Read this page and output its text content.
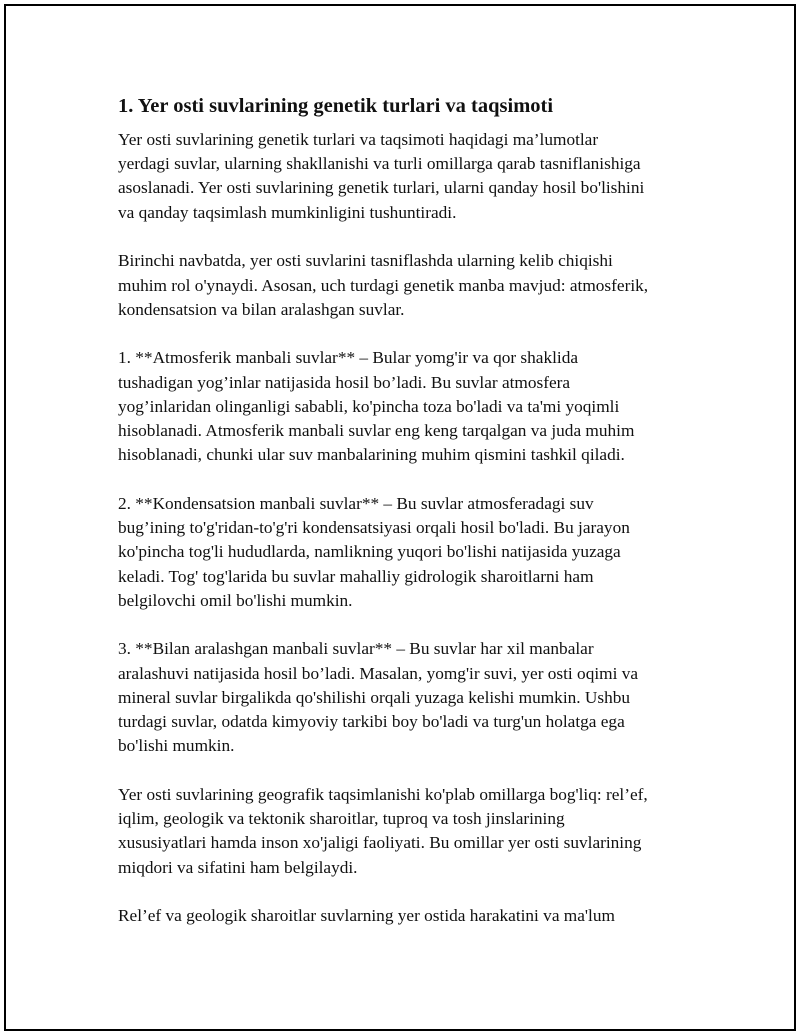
1. Yer osti suvlarining genetik turlari va taqsimoti

Yer osti suvlarining genetik turlari va taqsimoti haqidagi ma’lumotlar
yerdagi suvlar, ularning shakllanishi va turli omillarga qarab tasniflanishiga
asoslanadi. Yer osti suvlarining genetik turlari, ularni qanday hosil bo'lishini
va qanday taqsimlash mumkinligini tushuntiradi.

Birinchi navbatda, yer osti suvlarini tasniflashda ularning kelib chiqishi
muhim rol o'ynaydi. Asosan, uch turdagi genetik manba mavjud: atmosferik,
kondensatsion va bilan aralashgan suvlar.

1. **Atmosferik manbali suvlar** – Bular yomg'ir va qor shaklida
tushadigan yog’inlar natijasida hosil bo’ladi. Bu suvlar atmosfera
yog’inlaridan olinganligi sababli, ko'pincha toza bo'ladi va ta'mi yoqimli
hisoblanadi. Atmosferik manbali suvlar eng keng tarqalgan va juda muhim
hisoblanadi, chunki ular suv manbalarining muhim qismini tashkil qiladi.

2. **Kondensatsion manbali suvlar** – Bu suvlar atmosferadagi suv
bug’ining to'g'ridan-to'g'ri kondensatsiyasi orqali hosil bo'ladi. Bu jarayon
ko'pincha tog'li hududlarda, namlikning yuqori bo'lishi natijasida yuzaga
keladi. Tog' tog'larida bu suvlar mahalliy gidrologik sharoitlarni ham
belgilovchi omil bo'lishi mumkin.

3. **Bilan aralashgan manbali suvlar** – Bu suvlar har xil manbalar
aralashuvi natijasida hosil bo’ladi. Masalan, yomg'ir suvi, yer osti oqimi va
mineral suvlar birgalikda qo'shilishi orqali yuzaga kelishi mumkin. Ushbu
turdagi suvlar, odatda kimyoviy tarkibi boy bo'ladi va turg'un holatga ega
bo'lishi mumkin.

Yer osti suvlarining geografik taqsimlanishi ko'plab omillarga bog'liq: rel’ef,
iqlim, geologik va tektonik sharoitlar, tuproq va tosh jinslarining
xususiyatlari hamda inson xo'jaligi faoliyati. Bu omillar yer osti suvlarining
miqdori va sifatini ham belgilaydi.

Rel’ef va geologik sharoitlar suvlarning yer ostida harakatini va ma'lum
